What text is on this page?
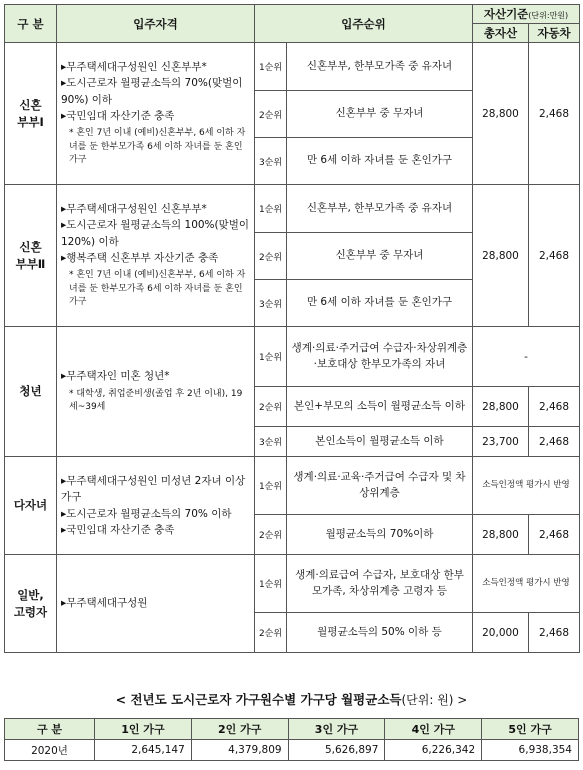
구 분	입주자격	입주순위		자산기준(단위:만원)	
				총자산	자동차
신혼
부부Ⅰ	▸무주택세대구성원인 신혼부부*
▸도시근로자 월평균소득의 70%(맞벌이 90%) 이하
▸국민임대 자산기준 충족
* 혼인 7년 이내 (예비)신혼부부, 6세 이하 자녀를 둔 한부모가족 6세 이하 자녀를 둔 혼인가구	1순위	신혼부부, 한부모가족 중 유자녀	28,800	2,468
		2순위	신혼부부 중 무자녀		
		3순위	만 6세 이하 자녀를 둔 혼인가구		
신혼
부부Ⅱ	▸무주택세대구성원인 신혼부부*
▸도시근로자 월평균소득의 100%(맞벌이 120%) 이하
▸행복주택 신혼부부 자산기준 충족
* 혼인 7년 이내 (예비)신혼부부, 6세 이하 자녀를 둔 한부모가족 6세 이하 자녀를 둔 혼인가구	1순위	신혼부부, 한부모가족 중 유자녀	28,800	2,468
		2순위	신혼부부 중 무자녀		
		3순위	만 6세 이하 자녀를 둔 혼인가구		
청년	▸무주택자인 미혼 청년*
* 대학생, 취업준비생(졸업 후 2년 이내), 19세~39세	1순위	생계·의료·주거급여 수급자·차상위계층·보호대상 한부모가족의 자녀	-	
		2순위	본인+부모의 소득이 월평균소득 이하	28,800	2,468
		3순위	본인소득이 월평균소득 이하	23,700	2,468
다자녀	▸무주택세대구성원인 미성년 2자녀 이상 가구
▸도시근로자 월평균소득의 70% 이하
▸국민임대 자산기준 충족	1순위	생계·의료·교육·주거급여 수급자 및 차상위계층	소득인정액 평가시 반영	
		2순위	월평균소득의 70%이하	28,800	2,468
일반,
고령자	▸무주택세대구성원	1순위	생계·의료급여 수급자, 보호대상 한부모가족, 차상위계층 고령자 등	소득인정액 평가시 반영	
		2순위	월평균소득의 50% 이하 등	20,000	2,468
< 전년도 도시근로자 가구원수별 가구당 월평균소득(단위: 원) >
구 분	1인 가구	2인 가구	3인 가구	4인 가구	5인 가구
2020년	2,645,147	4,379,809	5,626,897	6,226,342	6,938,354
